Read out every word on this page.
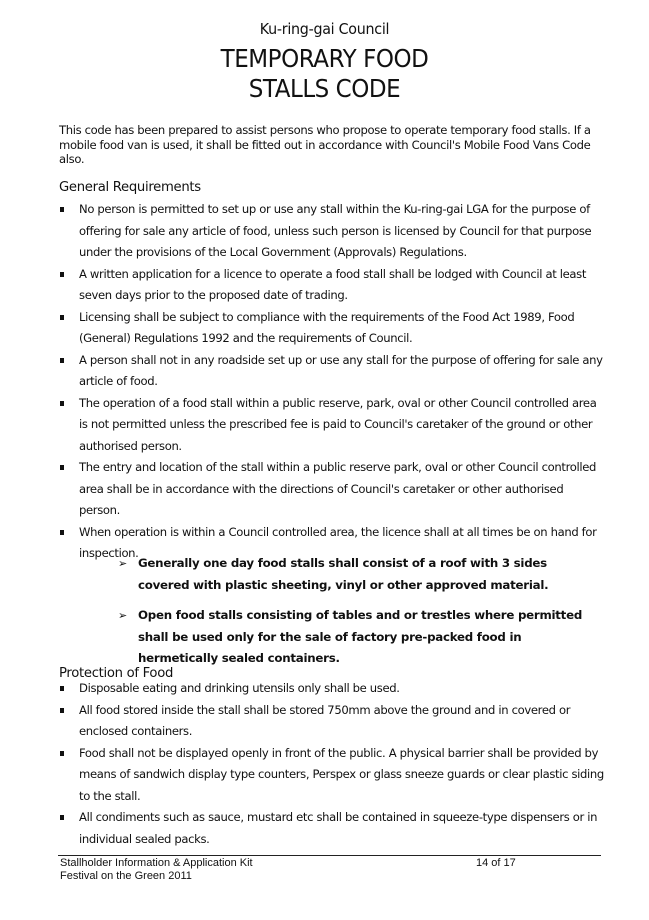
Ku-ring-gai Council
TEMPORARY FOOD
STALLS CODE
This code has been prepared to assist persons who propose to operate temporary food stalls. If a mobile food van is used, it shall be fitted out in accordance with Council's Mobile Food Vans Code also.
General Requirements
No person is permitted to set up or use any stall within the Ku-ring-gai LGA for the purpose of offering for sale any article of food, unless such person is licensed by Council for that purpose under the provisions of the Local Government (Approvals) Regulations.
A written application for a licence to operate a food stall shall be lodged with Council at least seven days prior to the proposed date of trading.
Licensing shall be subject to compliance with the requirements of the Food Act 1989, Food (General) Regulations 1992 and the requirements of Council.
A person shall not in any roadside set up or use any stall for the purpose of offering for sale any article of food.
The operation of a food stall within a public reserve, park, oval or other Council controlled area is not permitted unless the prescribed fee is paid to Council's caretaker of the ground or other authorised person.
The entry and location of the stall within a public reserve park, oval or other Council controlled area shall be in accordance with the directions of Council's caretaker or other authorised person.
When operation is within a Council controlled area, the licence shall at all times be on hand for inspection.
➢ Generally one day food stalls shall consist of a roof with 3 sides covered with plastic sheeting, vinyl or other approved material.
➢ Open food stalls consisting of tables and or trestles where permitted shall be used only for the sale of factory pre-packed food in hermetically sealed containers.
Protection of Food
Disposable eating and drinking utensils only shall be used.
All food stored inside the stall shall be stored 750mm above the ground and in covered or enclosed containers.
Food shall not be displayed openly in front of the public. A physical barrier shall be provided by means of sandwich display type counters, Perspex or glass sneeze guards or clear plastic siding to the stall.
All condiments such as sauce, mustard etc shall be contained in squeeze-type dispensers or in individual sealed packs.
Stallholder Information & Application Kit
Festival on the Green 2011
14 of 17
